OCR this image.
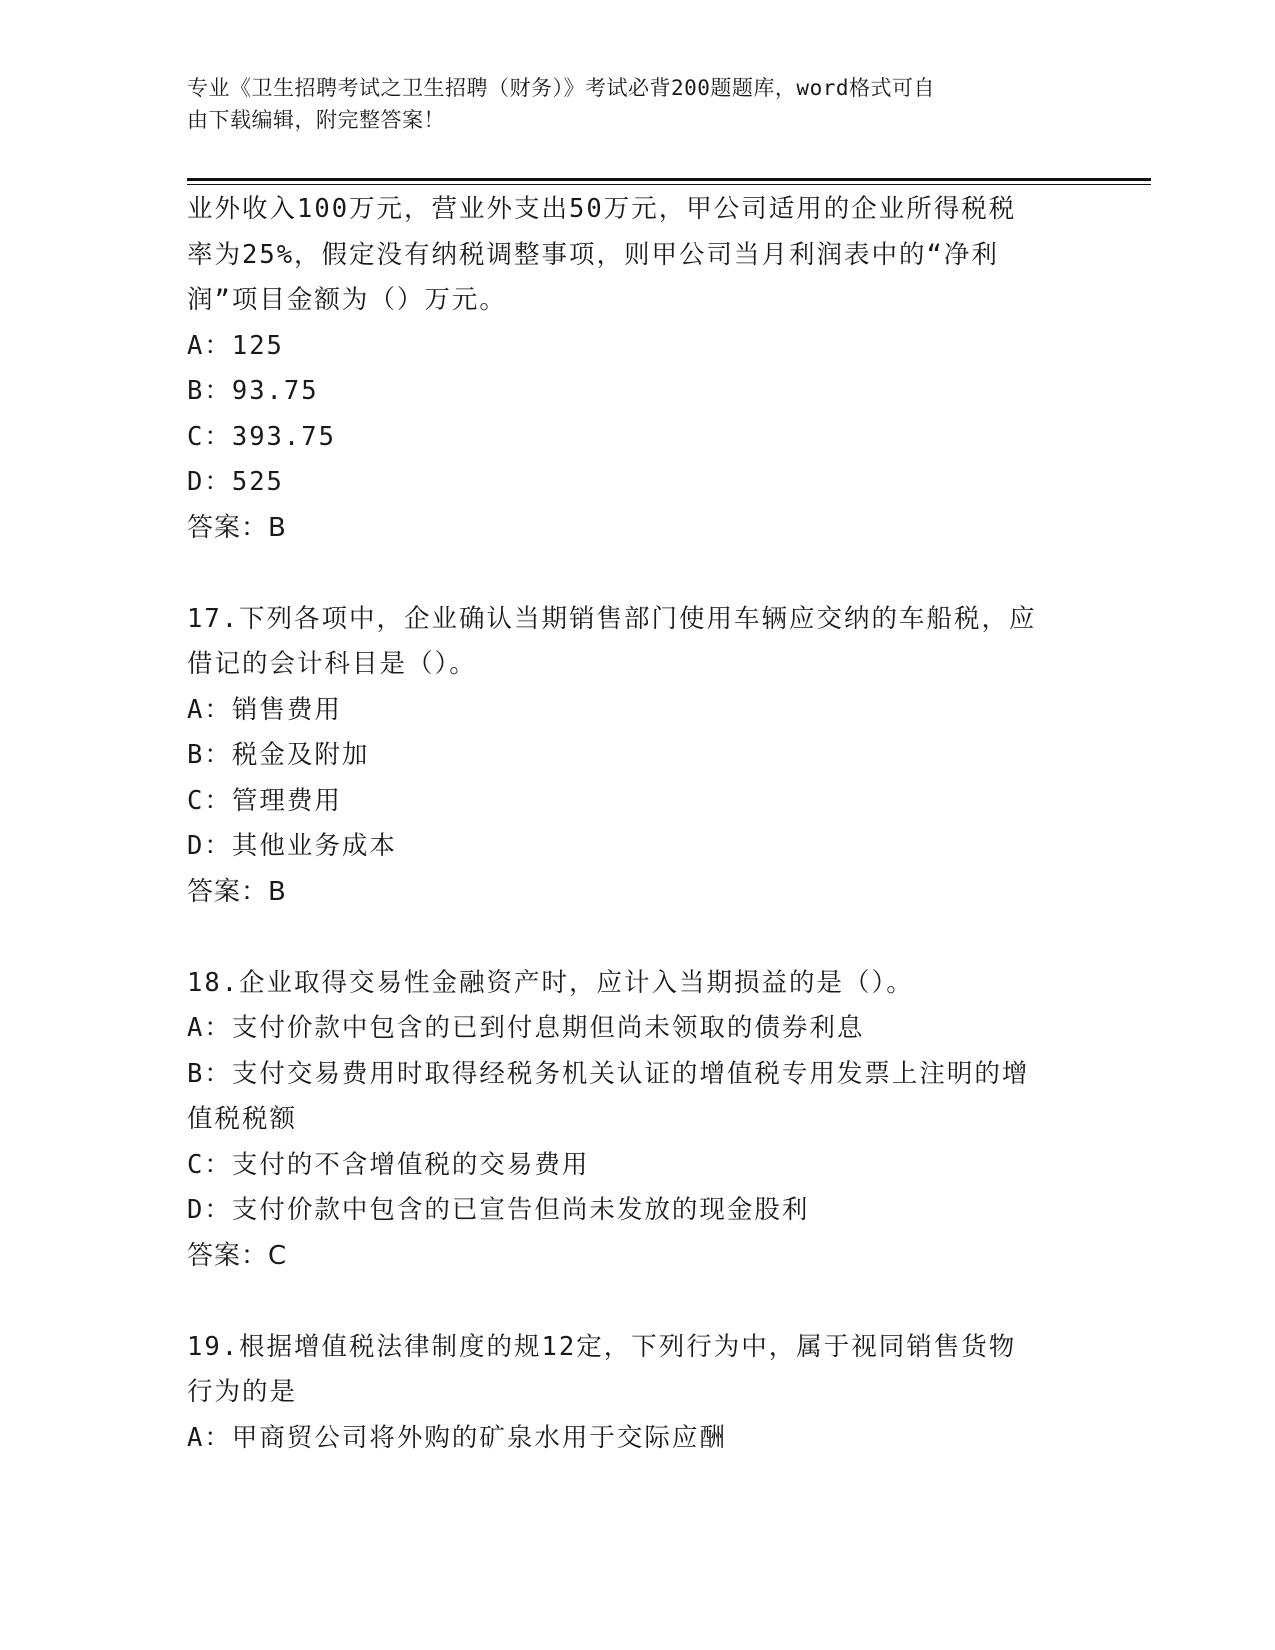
专业《卫生招聘考试之卫生招聘（财务）》考试必背200题题库，word格式可自
由下载编辑，附完整答案！
业外收入100万元，营业外支出50万元，甲公司适用的企业所得税税
率为25%，假定没有纳税调整事项，则甲公司当月利润表中的“净利
润”项目金额为（）万元。
A：125
B：93.75
C：393.75
D：525
答案：B
17.下列各项中，企业确认当期销售部门使用车辆应交纳的车船税，应
借记的会计科目是（）。
A：销售费用
B：税金及附加
C：管理费用
D：其他业务成本
答案：B
18.企业取得交易性金融资产时，应计入当期损益的是（）。
A：支付价款中包含的已到付息期但尚未领取的债券利息
B：支付交易费用时取得经税务机关认证的增值税专用发票上注明的增
值税税额
C：支付的不含增值税的交易费用
D：支付价款中包含的已宣告但尚未发放的现金股利
答案：C
19.根据增值税法律制度的规12定，下列行为中，属于视同销售货物
行为的是
A：甲商贸公司将外购的矿泉水用于交际应酬
